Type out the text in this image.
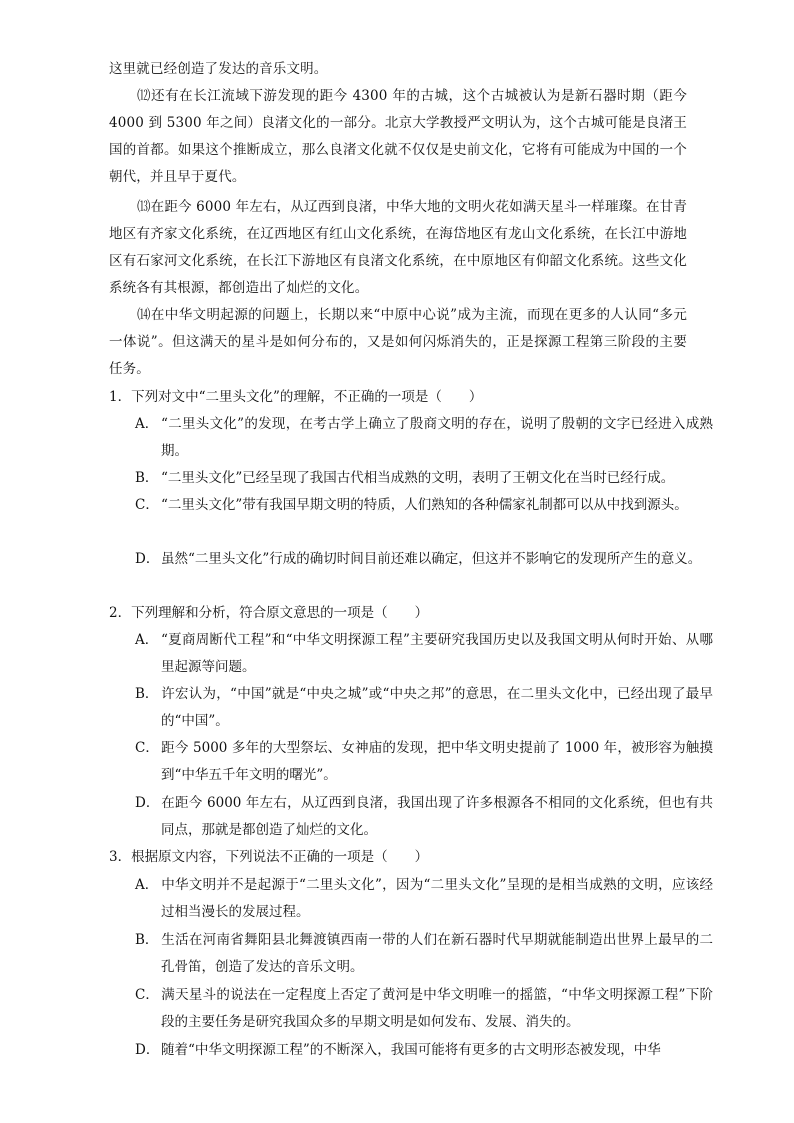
这里就已经创造了发达的音乐文明。

⑿还有在长江流域下游发现的距今 4300 年的古城，这个古城被认为是新石器时期（距今 4000 到 5300 年之间）良渚文化的一部分。北京大学教授严文明认为，这个古城可能是良渚王国的首都。如果这个推断成立，那么良渚文化就不仅仅是史前文化，它将有可能成为中国的一个朝代，并且早于夏代。

⒀在距今 6000 年左右，从辽西到良渚，中华大地的文明火花如满天星斗一样璀璨。在甘青地区有齐家文化系统，在辽西地区有红山文化系统，在海岱地区有龙山文化系统，在长江中游地区有石家河文化系统，在长江下游地区有良渚文化系统，在中原地区有仰韶文化系统。这些文化系统各有其根源，都创造出了灿烂的文化。

⒁在中华文明起源的问题上，长期以来“中原中心说”成为主流，而现在更多的人认同“多元一体说”。但这满天的星斗是如何分布的，又是如何闪烁消失的，正是探源工程第三阶段的主要任务。

1．下列对文中“二里头文化”的理解，不正确的一项是（　　）

A． “二里头文化”的发现，在考古学上确立了殷商文明的存在，说明了殷朝的文字已经进入成熟期。

B． “二里头文化”已经呈现了我国古代相当成熟的文明，表明了王朝文化在当时已经行成。

C． “二里头文化”带有我国早期文明的特质，人们熟知的各种儒家礼制都可以从中找到源头。

D． 虽然“二里头文化”行成的确切时间目前还难以确定，但这并不影响它的发现所产生的意义。

2．下列理解和分析，符合原文意思的一项是（　　）

A． “夏商周断代工程”和“中华文明探源工程”主要研究我国历史以及我国文明从何时开始、从哪里起源等问题。

B． 许宏认为，“中国”就是“中央之城”或“中央之邦”的意思，在二里头文化中，已经出现了最早的“中国”。

C． 距今 5000 多年的大型祭坛、女神庙的发现，把中华文明史提前了 1000 年，被形容为触摸到“中华五千年文明的曙光”。

D． 在距今 6000 年左右，从辽西到良渚，我国出现了许多根源各不相同的文化系统，但也有共同点，那就是都创造了灿烂的文化。

3．根据原文内容，下列说法不正确的一项是（　　）

A． 中华文明并不是起源于“二里头文化”，因为“二里头文化”呈现的是相当成熟的文明，应该经过相当漫长的发展过程。

B． 生活在河南省舞阳县北舞渡镇西南一带的人们在新石器时代早期就能制造出世界上最早的二孔骨笛，创造了发达的音乐文明。

C． 满天星斗的说法在一定程度上否定了黄河是中华文明唯一的摇篮，“中华文明探源工程”下阶段的主要任务是研究我国众多的早期文明是如何发布、发展、消失的。

D． 随着“中华文明探源工程”的不断深入，我国可能将有更多的古文明形态被发现，中华
